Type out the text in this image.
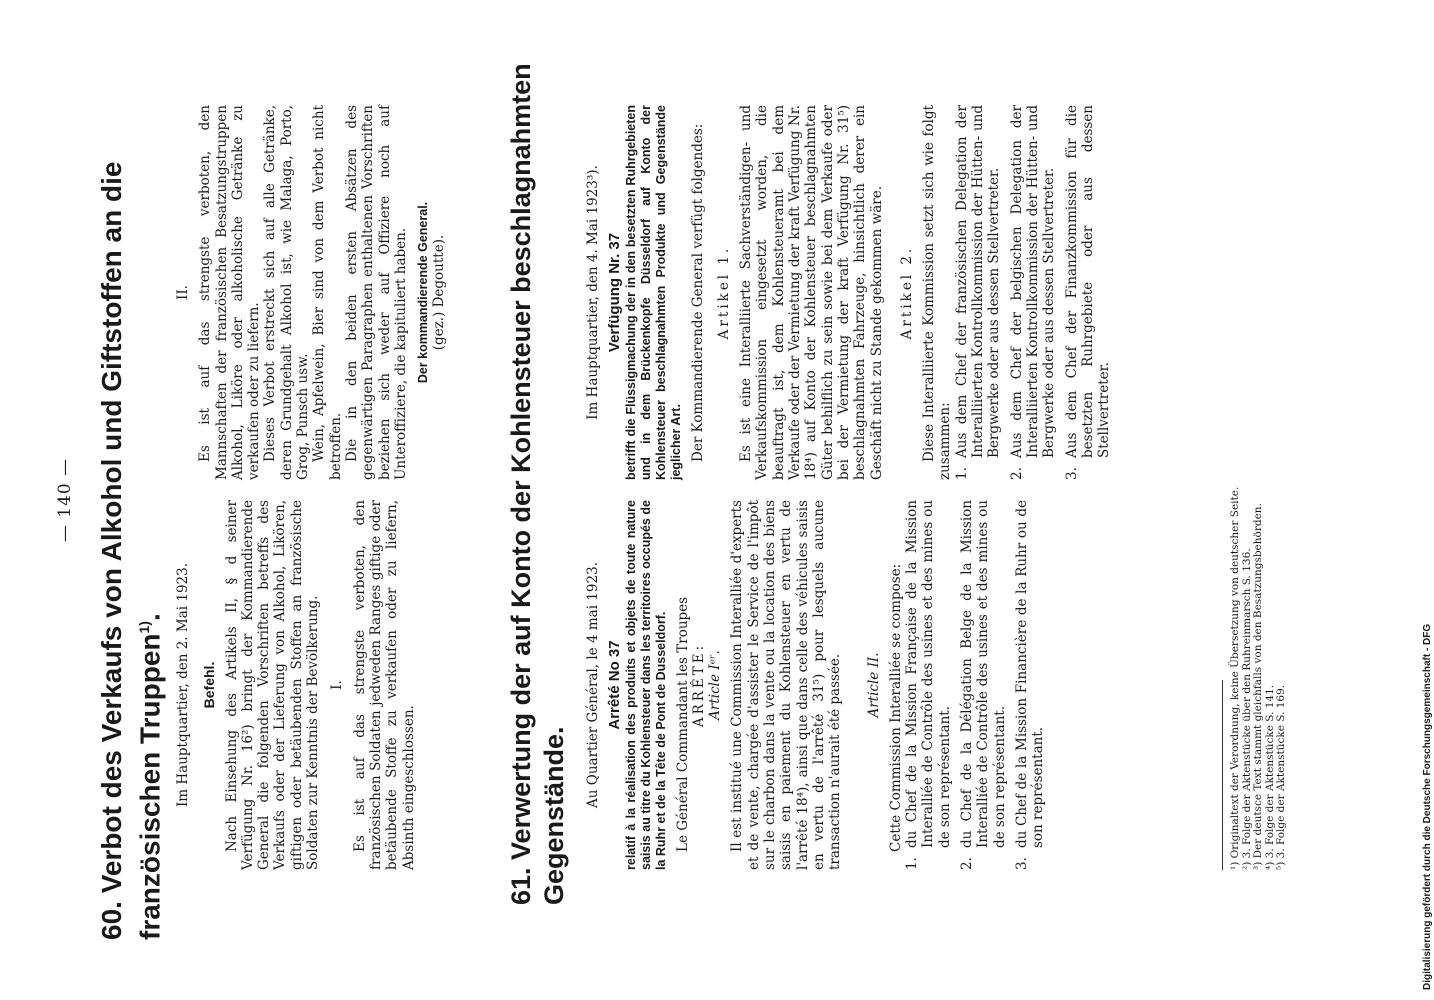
— 140 — 60. Verbot des Verkaufs von Alkohol und Giftstoffen an die französischen Truppen$^{1)}$. Im Hauptquartier, den 2. Mai 1923. Befehl. Nach Einsehung des Artikels II, § d seiner Verfügung Nr. 16²) bringt der Kommandierende General die folgenden Vorschriften betreffs des Verkaufs oder der Lieferung von Alkohol, Likören, giftigen oder betäubenden Stoffen an französische Soldaten zur Kenntnis der Bevölkerung. I. Es ist auf das strengste verboten, den französischen Soldaten jedweden Ranges giftige oder betäubende Stoffe zu verkaufen oder zu liefern, Absinth eingeschlossen.

II. Es ist auf das strengste verboten, den Mannschaften der französischen Besatzungstruppen Alkohol, Liköre oder alkoholische Getränke zu verkaufen oder zu liefern. Dieses Verbot erstreckt sich auf alle Getränke, deren Grundgehalt Alkohol ist, wie Malaga, Porto, Grog, Punsch usw. Wein, Apfelwein, Bier sind von dem Verbot nicht betroffen. Die in den beiden ersten Absätzen des gegenwärtigen Paragraphen enthaltenen Vorschriften beziehen sich weder auf Offiziere noch auf Unteroffiziere, die kapituliert haben. Der kommandierende General. (gez.) Degoutte). 61. Verwertung der auf Konto der Kohlensteuer beschlagnahmten Gegenstände.
Au Quartier Général, le 4 mai 1923. Arrêté No 37 relatif à la réalisation des produits et objets de toute nature saisis au titre du Kohlensteuer dans les territoires occupés de la Ruhr et de la Tête de Pont de Dusseldorf. Le Général Commandant les Troupes ARRÊTE: Article Iᵉʳ. Il est institué une Commission Interalliée d'experts et de vente, chargée d'assister le Service de l'impôt sur le charbon dans la vente ou la location des biens saisis en paiement du Kohlensteuer en vertu de l'arrêté 18⁴), ainsi que dans celle des véhicules saisis en vertu de l'arrêté 31⁵) pour lesquels aucune transaction n'aurait été passée. Article II. Cette Commission Interalliée se compose:

1.
du Chef de la Mission Française de la Mission Interalliée de Contrôle des usines et des mines ou de son représentant.
2.
du Chef de la Délégation Belge de la Mission Interalliée de Contrôle des usines et des mines ou de son représentant.
3.
du Chef de la Mission Financière de la Ruhr ou de son représentant.
Im Hauptquartier, den 4. Mai 1923³). Verfügung Nr. 37 betrifft die Flüssigmachung der in den besetzten Ruhrgebieten und in dem Brückenkopfe Düsseldorf auf Konto der Kohlensteuer beschlagnahmten Produkte und Gegenstände jeglicher Art. Der Kommandierende General verfügt folgendes: Artikel 1. Es ist eine Interalliierte Sachverständigen- und Verkaufskommission eingesetzt worden, die beauftragt ist, dem Kohlensteueramt bei dem Verkaufe oder der Vermietung der kraft Verfügung Nr. 18⁴) auf Konto der Kohlensteuer beschlagnahmten Güter behilflich zu sein sowie bei dem Verkaufe oder bei der Vermietung der kraft Verfügung Nr. 31⁵) beschlagnahmten Fahrzeuge, hinsichtlich derer ein Geschäft nicht zu Stande gekommen wäre. Artikel 2. Diese Interalliierte Kommission setzt sich wie folgt zusammen: 1.
Aus dem Chef der französischen Delegation der Interalliierten Kontrollkommission der Hütten- und Bergwerke oder aus dessen Stellvertreter.
2.
Aus dem Chef der belgischen Delegation der Interalliierten Kontrollkommission der Hütten- und Bergwerke oder aus dessen Stellvertreter.
3.
Aus dem Chef der Finanzkommission für die besetzten Ruhrgebiete oder aus dessen Stellvertreter.
¹) Originaltext der Verordnung, keine Übersetzung von deutscher Seite. ²) 3. Folge der Aktenstücke über den Ruhreinmarsch S. 136. ³) Der deutsce Text stammt gleichfalls von den Besatzungsbehörden. ⁴) 3. Folge der Aktenstücke S. 141. ⁵) 3. Folge der Aktenstücke S. 169.	Digitalisierung gefördert durch die Deutsche Forschungsgemeinschaft - DFG
